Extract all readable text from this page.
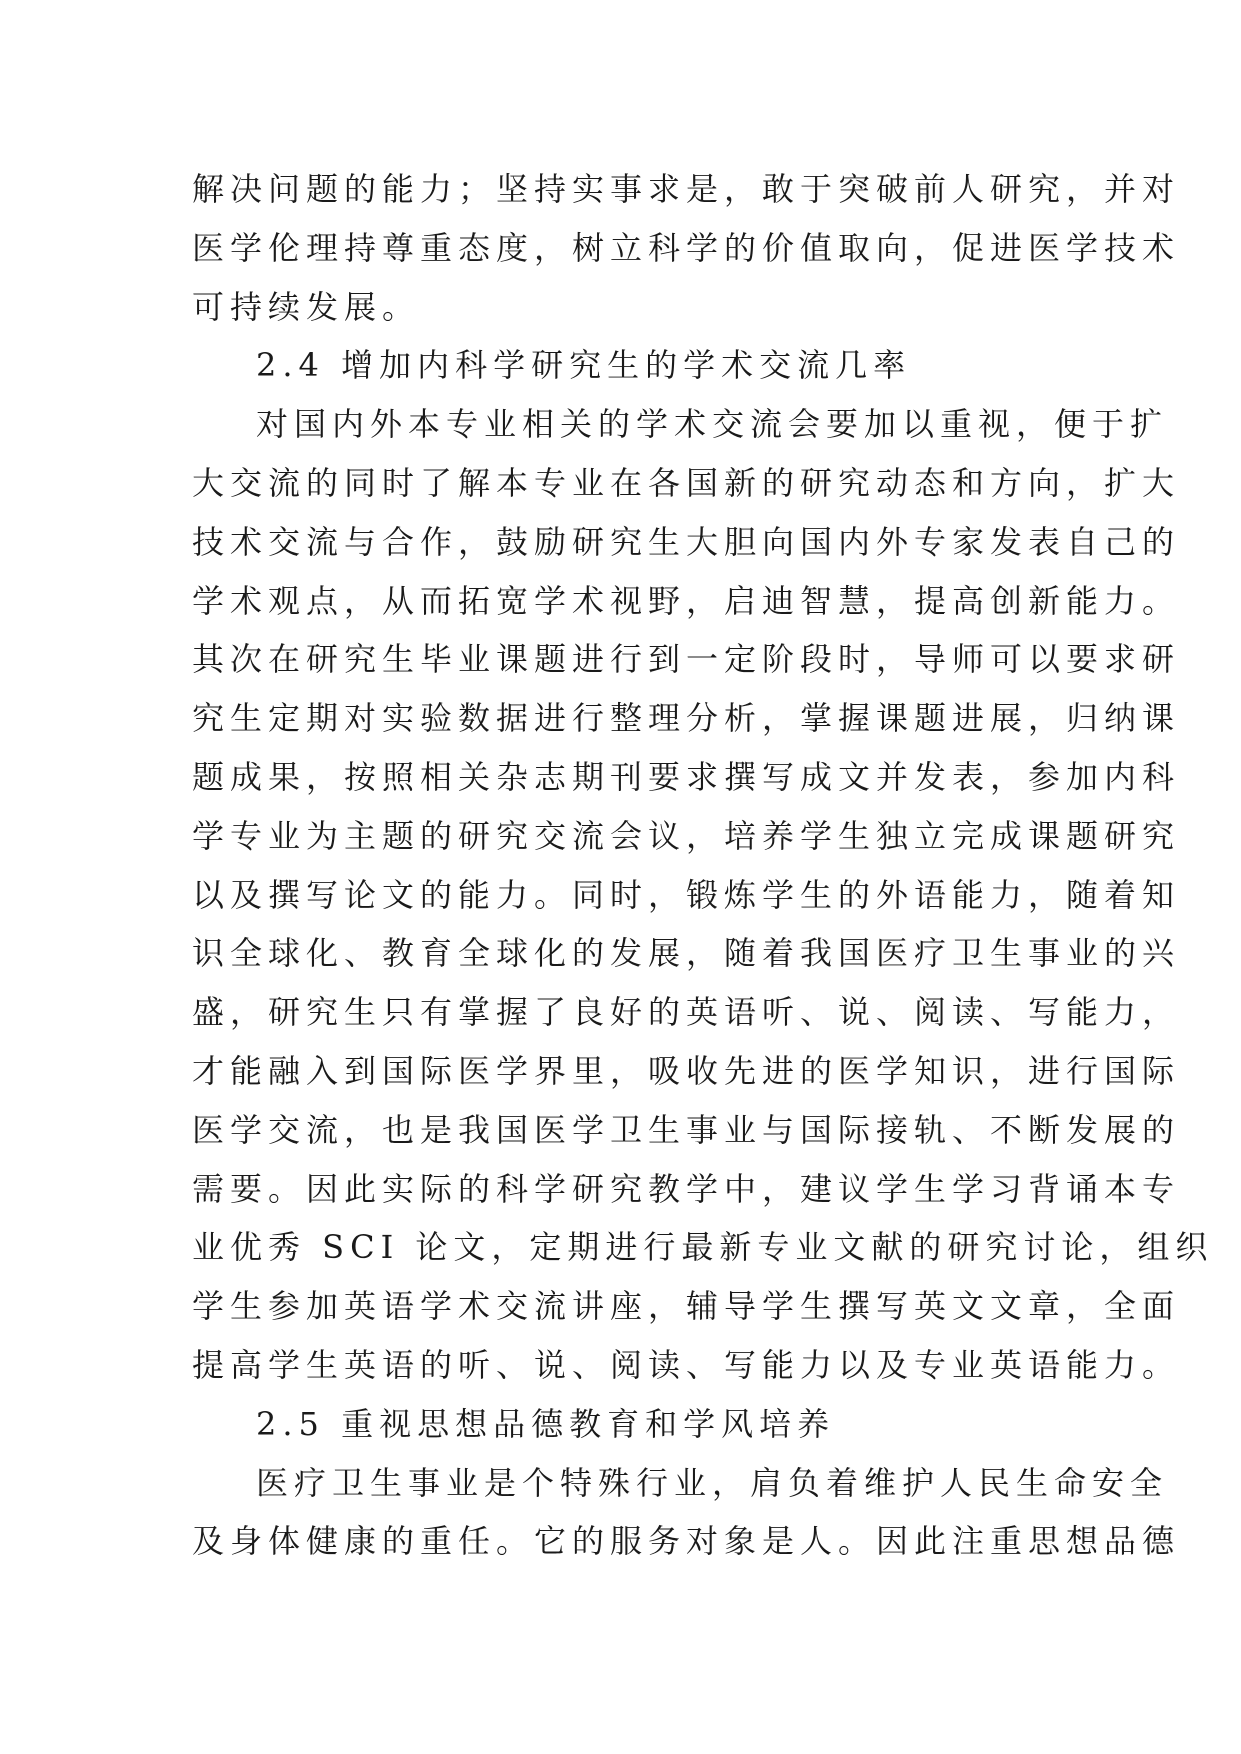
解决问题的能力；坚持实事求是，敢于突破前人研究，并对
医学伦理持尊重态度，树立科学的价值取向，促进医学技术
可持续发展。
2.4 增加内科学研究生的学术交流几率
对国内外本专业相关的学术交流会要加以重视，便于扩
大交流的同时了解本专业在各国新的研究动态和方向，扩大
技术交流与合作，鼓励研究生大胆向国内外专家发表自己的
学术观点，从而拓宽学术视野，启迪智慧，提高创新能力。
其次在研究生毕业课题进行到一定阶段时，导师可以要求研
究生定期对实验数据进行整理分析，掌握课题进展，归纳课
题成果，按照相关杂志期刊要求撰写成文并发表，参加内科
学专业为主题的研究交流会议，培养学生独立完成课题研究
以及撰写论文的能力。同时，锻炼学生的外语能力，随着知
识全球化、教育全球化的发展，随着我国医疗卫生事业的兴
盛，研究生只有掌握了良好的英语听、说、阅读、写能力，
才能融入到国际医学界里，吸收先进的医学知识，进行国际
医学交流，也是我国医学卫生事业与国际接轨、不断发展的
需要。因此实际的科学研究教学中，建议学生学习背诵本专
业优秀 SCI 论文，定期进行最新专业文献的研究讨论，组织
学生参加英语学术交流讲座，辅导学生撰写英文文章，全面
提高学生英语的听、说、阅读、写能力以及专业英语能力。
2.5 重视思想品德教育和学风培养
医疗卫生事业是个特殊行业，肩负着维护人民生命安全
及身体健康的重任。它的服务对象是人。因此注重思想品德
